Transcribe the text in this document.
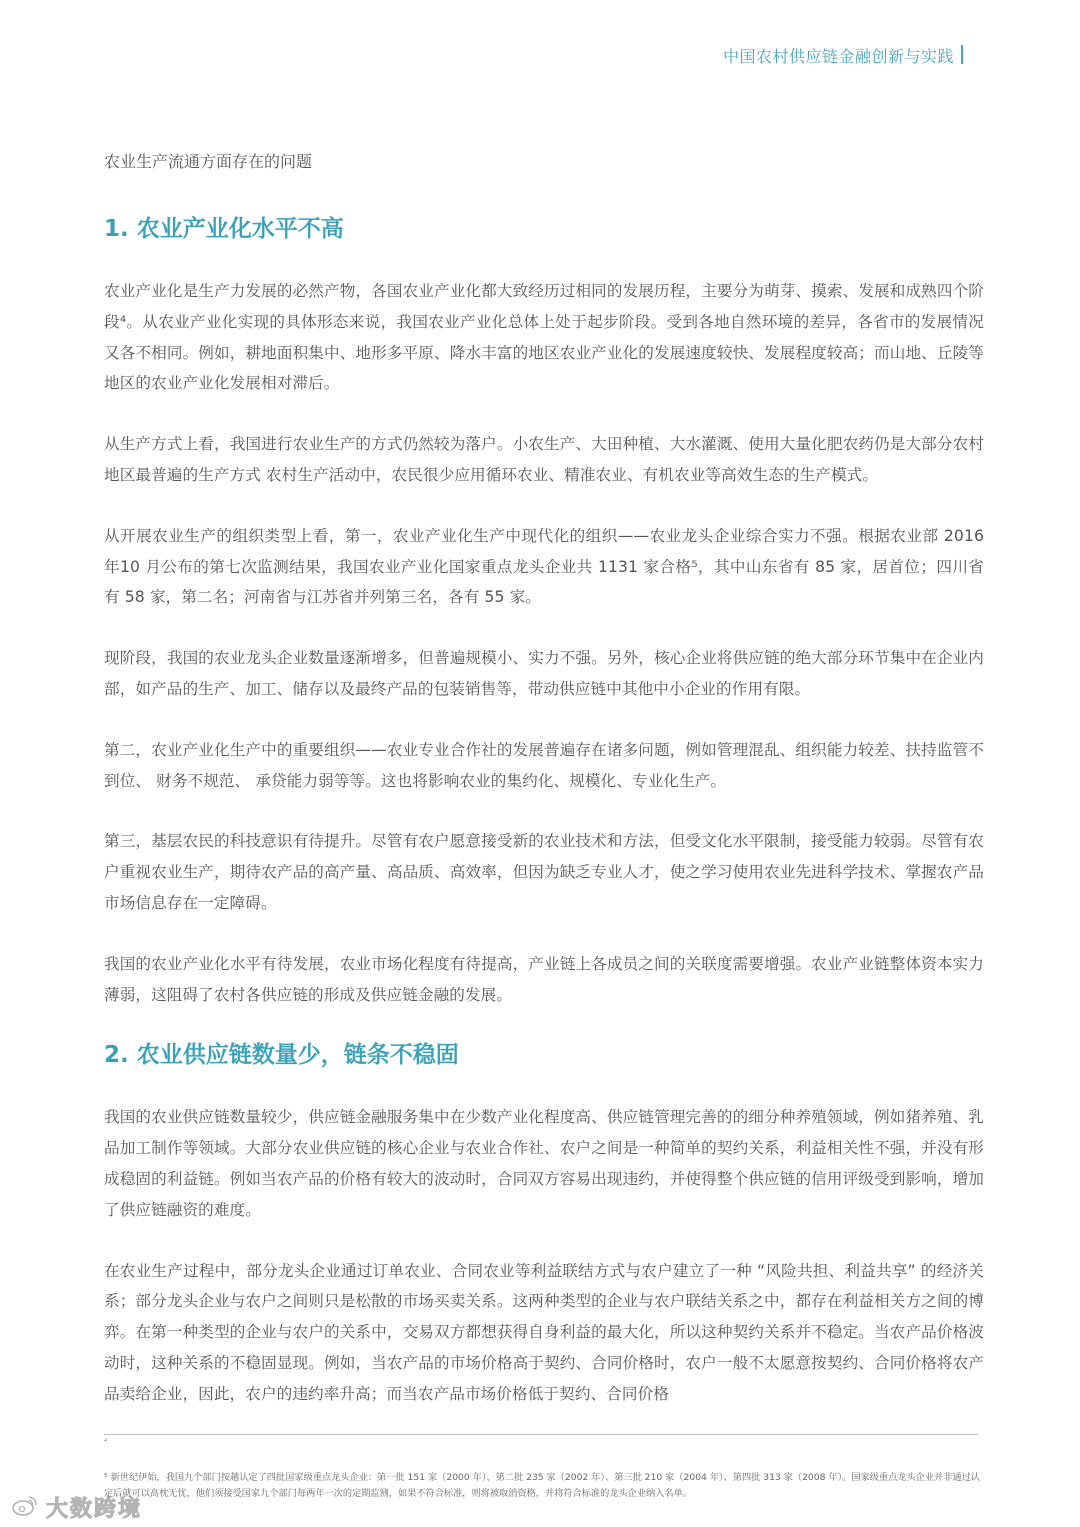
中国农村供应链金融创新与实践
农业生产流通方面存在的问题
1. 农业产业化水平不高

农业产业化是生产力发展的必然产物，各国农业产业化都大致经历过相同的发展历程，主要分为萌芽、摸索、发展和成熟四个阶段⁴。从农业产业化实现的具体形态来说，我国农业产业化总体上处于起步阶段。受到各地自然环境的差异，各省市的发展情况又各不相同。例如，耕地面积集中、地形多平原、降水丰富的地区农业产业化的发展速度较快、发展程度较高；而山地、丘陵等地区的农业产业化发展相对滞后。

从生产方式上看，我国进行农业生产的方式仍然较为落户。小农生产、大田种植、大水灌溉、使用大量化肥农药仍是大部分农村地区最普遍的生产方式 农村生产活动中，农民很少应用循环农业、精准农业、有机农业等高效生态的生产模式。

从开展农业生产的组织类型上看，第一，农业产业化生产中现代化的组织——农业龙头企业综合实力不强。根据农业部 2016 年10 月公布的第七次监测结果，我国农业产业化国家重点龙头企业共 1131 家合格⁵，其中山东省有 85 家，居首位；四川省有 58 家，第二名；河南省与江苏省并列第三名，各有 55 家。

现阶段，我国的农业龙头企业数量逐渐增多，但普遍规模小、实力不强。另外，核心企业将供应链的绝大部分环节集中在企业内部，如产品的生产、加工、储存以及最终产品的包装销售等，带动供应链中其他中小企业的作用有限。

第二，农业产业化生产中的重要组织——农业专业合作社的发展普遍存在诸多问题，例如管理混乱、组织能力较差、扶持监管不到位、 财务不规范、 承贷能力弱等等。这也将影响农业的集约化、规模化、专业化生产。

第三，基层农民的科技意识有待提升。尽管有农户愿意接受新的农业技术和方法，但受文化水平限制，接受能力较弱。尽管有农户重视农业生产，期待农产品的高产量、高品质、高效率，但因为缺乏专业人才，使之学习使用农业先进科学技术、掌握农产品市场信息存在一定障碍。

我国的农业产业化水平有待发展，农业市场化程度有待提高，产业链上各成员之间的关联度需要增强。农业产业链整体资本实力薄弱，这阻碍了农村各供应链的形成及供应链金融的发展。

2. 农业供应链数量少，链条不稳固

我国的农业供应链数量较少，供应链金融服务集中在少数产业化程度高、供应链管理完善的的细分种养殖领域，例如猪养殖、乳品加工制作等领域。大部分农业供应链的核心企业与农业合作社、农户之间是一种简单的契约关系，利益相关性不强，并没有形成稳固的利益链。例如当农产品的价格有较大的波动时，合同双方容易出现违约，并使得整个供应链的信用评级受到影响，增加了供应链融资的难度。

在农业生产过程中，部分龙头企业通过订单农业、合同农业等利益联结方式与农户建立了一种 “风险共担、利益共享” 的经济关系；部分龙头企业与农户之间则只是松散的市场买卖关系。这两种类型的企业与农户联结关系之中，都存在利益相关方之间的博弈。在第一种类型的企业与农户的关系中，交易双方都想获得自身利益的最大化，所以这种契约关系并不稳定。当农产品价格波动时，这种关系的不稳固显现。例如，当农产品的市场价格高于契约、合同价格时，农户一般不太愿意按契约、合同价格将农产品卖给企业，因此，农户的违约率升高；而当农产品市场价格低于契约、合同价格

⁴
⁵ 新世纪伊始，我国九个部门按趟认定了四批国家级重点龙头企业：第一批 151 家（2000 年）、第二批 235 家（2002 年）、第三批 210 家（2004 年）、第四批 313 家（2008 年）。国家级重点龙头企业并非通过认定后就可以高枕无忧，他们须接受国家九个部门每两年一次的定期监测，如果不符合标准，则将被取消资格，并将符合标准的龙头企业纳入名单。
大数跨境
